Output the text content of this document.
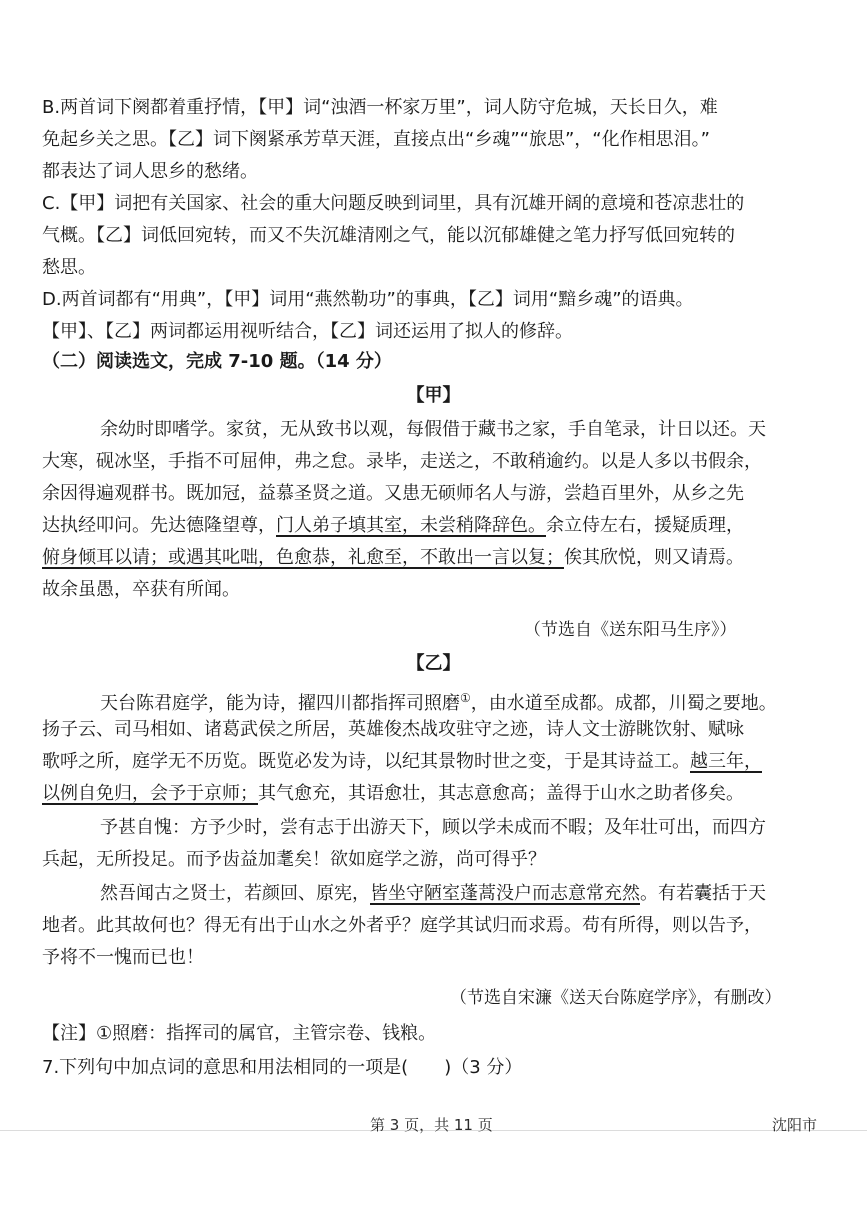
B.两首词下阕都着重抒情，【甲】词“浊酒一杯家万里”，词人防守危城，天长日久，难
免起乡关之思。【乙】词下阕紧承芳草天涯，直接点出“乡魂”“旅思”，“化作相思泪。”
都表达了词人思乡的愁绪。
C.【甲】词把有关国家、社会的重大问题反映到词里，具有沉雄开阔的意境和苍凉悲壮的
气概。【乙】词低回宛转，而又不失沉雄清刚之气，能以沉郁雄健之笔力抒写低回宛转的
愁思。
D.两首词都有“用典”，【甲】词用“燕然勒功”的事典，【乙】词用“黯乡魂”的语典。
【甲】、【乙】两词都运用视听结合，【乙】词还运用了拟人的修辞。
（二）阅读选文，完成 7-10 题。（14 分）
【甲】
余幼时即嗜学。家贫，无从致书以观，每假借于藏书之家，手自笔录，计日以还。天
大寒，砚冰坚，手指不可屈伸，弗之怠。录毕，走送之，不敢稍逾约。以是人多以书假余，
余因得遍观群书。既加冠，益慕圣贤之道。又患无硕师名人与游，尝趋百里外，从乡之先
达执经叩问。先达德隆望尊，门人弟子填其室，未尝稍降辞色。余立侍左右，援疑质理，
俯身倾耳以请；或遇其叱咄，色愈恭，礼愈至，不敢出一言以复；俟其欣悦，则又请焉。
故余虽愚，卒获有所闻。
（节选自《送东阳马生序》）
【乙】
天台陈君庭学，能为诗，擢四川都指挥司照磨①，由水道至成都。成都，川蜀之要地。
扬子云、司马相如、诸葛武侯之所居，英雄俊杰战攻驻守之迹，诗人文士游眺饮射、赋咏
歌呼之所，庭学无不历览。既览必发为诗，以纪其景物时世之变，于是其诗益工。越三年，
以例自免归，会予于京师；其气愈充，其语愈壮，其志意愈高；盖得于山水之助者侈矣。
予甚自愧：方予少时，尝有志于出游天下，顾以学未成而不暇；及年壮可出，而四方
兵起，无所投足。而予齿益加耄矣！欲如庭学之游，尚可得乎？
然吾闻古之贤士，若颜回、原宪，皆坐守陋室蓬蒿没户而志意常充然。有若囊括于天
地者。此其故何也？得无有出于山水之外者乎？庭学其试归而求焉。苟有所得，则以告予，
予将不一愧而已也！
（节选自宋濂《送天台陈庭学序》，有删改）
【注】①照磨：指挥司的属官，主管宗卷、钱粮。
7.下列句中加点词的意思和用法相同的一项是(　　)（3 分）
第 3 页，共 11 页	沈阳市
